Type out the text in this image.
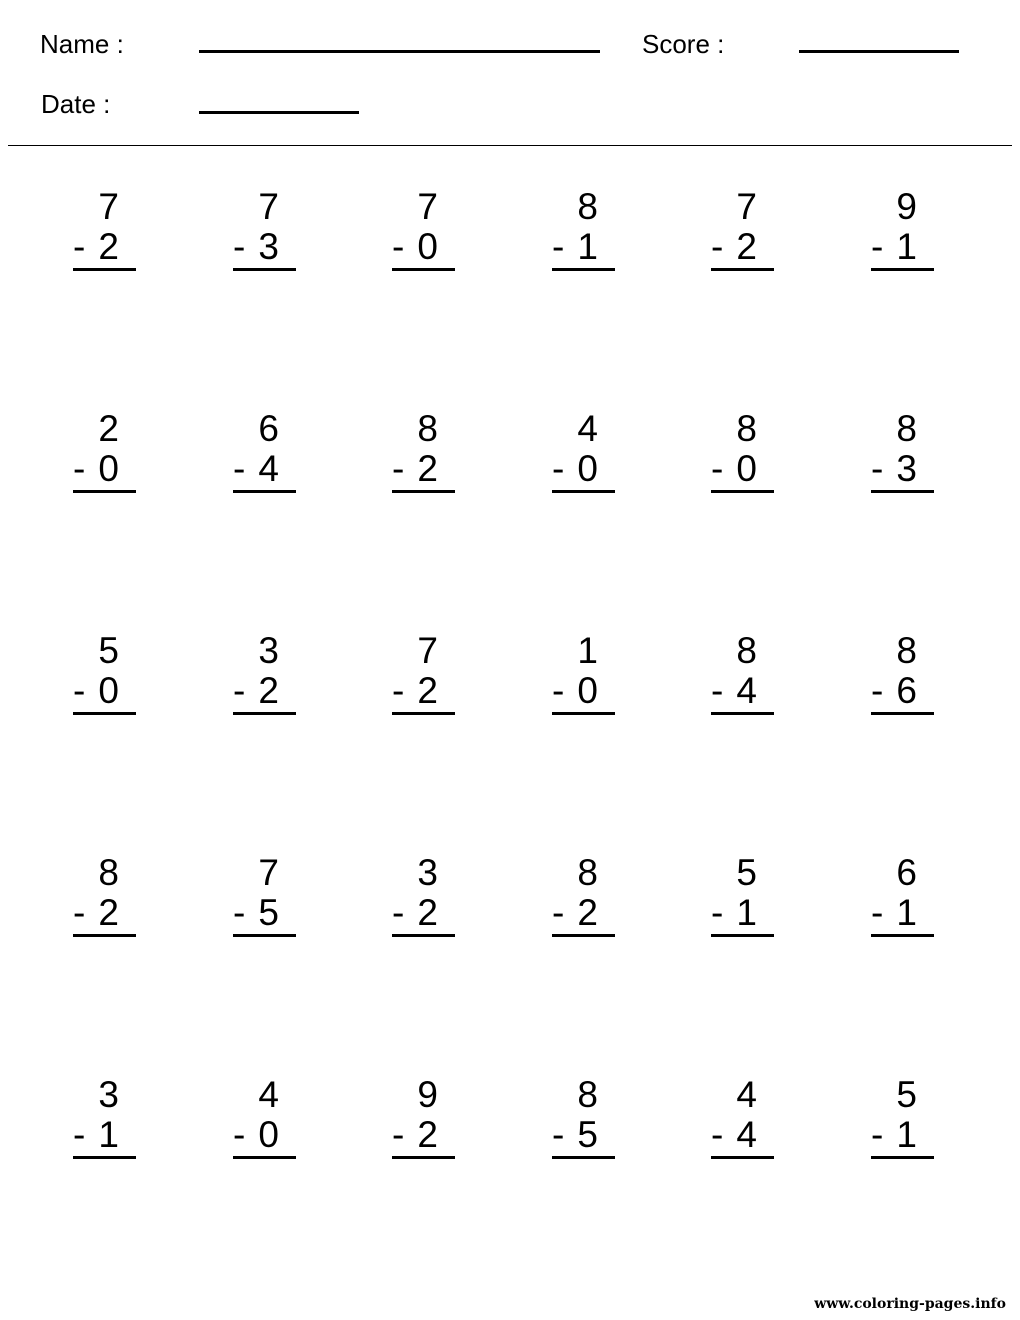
Name :	Score :
Date :
7
- 2
7
- 3
7
- 0
8
- 1
7
- 2
9
- 1
2
- 0
6
- 4
8
- 2
4
- 0
8
- 0
8
- 3
5
- 0
3
- 2
7
- 2
1
- 0
8
- 4
8
- 6
8
- 2
7
- 5
3
- 2
8
- 2
5
- 1
6
- 1
3
- 1
4
- 0
9
- 2
8
- 5
4
- 4
5
- 1
www.coloring-pages.info
